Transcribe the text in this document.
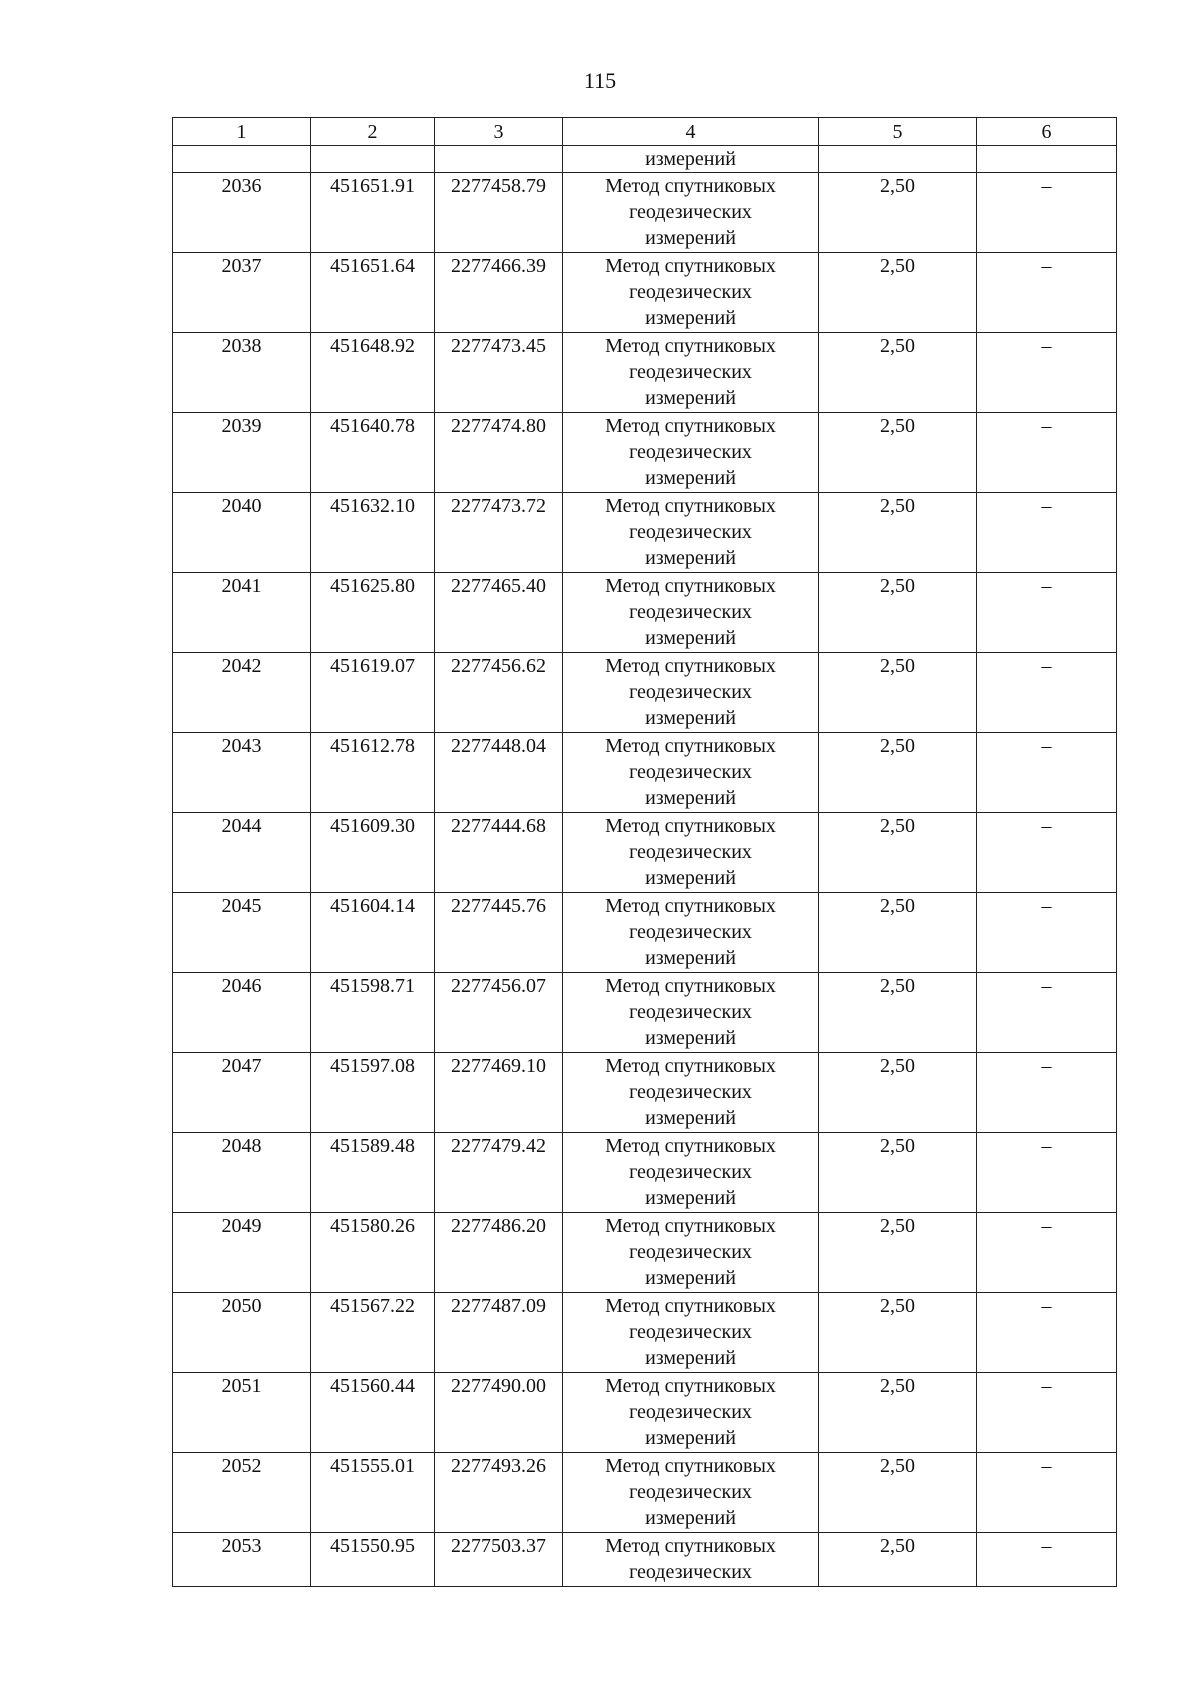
115
1	2	3	4	5	6
			измерений		
2036	451651.91	2277458.79	Метод спутниковых
геодезических
измерений	2,50	–
2037	451651.64	2277466.39	Метод спутниковых
геодезических
измерений	2,50	–
2038	451648.92	2277473.45	Метод спутниковых
геодезических
измерений	2,50	–
2039	451640.78	2277474.80	Метод спутниковых
геодезических
измерений	2,50	–
2040	451632.10	2277473.72	Метод спутниковых
геодезических
измерений	2,50	–
2041	451625.80	2277465.40	Метод спутниковых
геодезических
измерений	2,50	–
2042	451619.07	2277456.62	Метод спутниковых
геодезических
измерений	2,50	–
2043	451612.78	2277448.04	Метод спутниковых
геодезических
измерений	2,50	–
2044	451609.30	2277444.68	Метод спутниковых
геодезических
измерений	2,50	–
2045	451604.14	2277445.76	Метод спутниковых
геодезических
измерений	2,50	–
2046	451598.71	2277456.07	Метод спутниковых
геодезических
измерений	2,50	–
2047	451597.08	2277469.10	Метод спутниковых
геодезических
измерений	2,50	–
2048	451589.48	2277479.42	Метод спутниковых
геодезических
измерений	2,50	–
2049	451580.26	2277486.20	Метод спутниковых
геодезических
измерений	2,50	–
2050	451567.22	2277487.09	Метод спутниковых
геодезических
измерений	2,50	–
2051	451560.44	2277490.00	Метод спутниковых
геодезических
измерений	2,50	–
2052	451555.01	2277493.26	Метод спутниковых
геодезических
измерений	2,50	–
2053	451550.95	2277503.37	Метод спутниковых
геодезических	2,50	–
